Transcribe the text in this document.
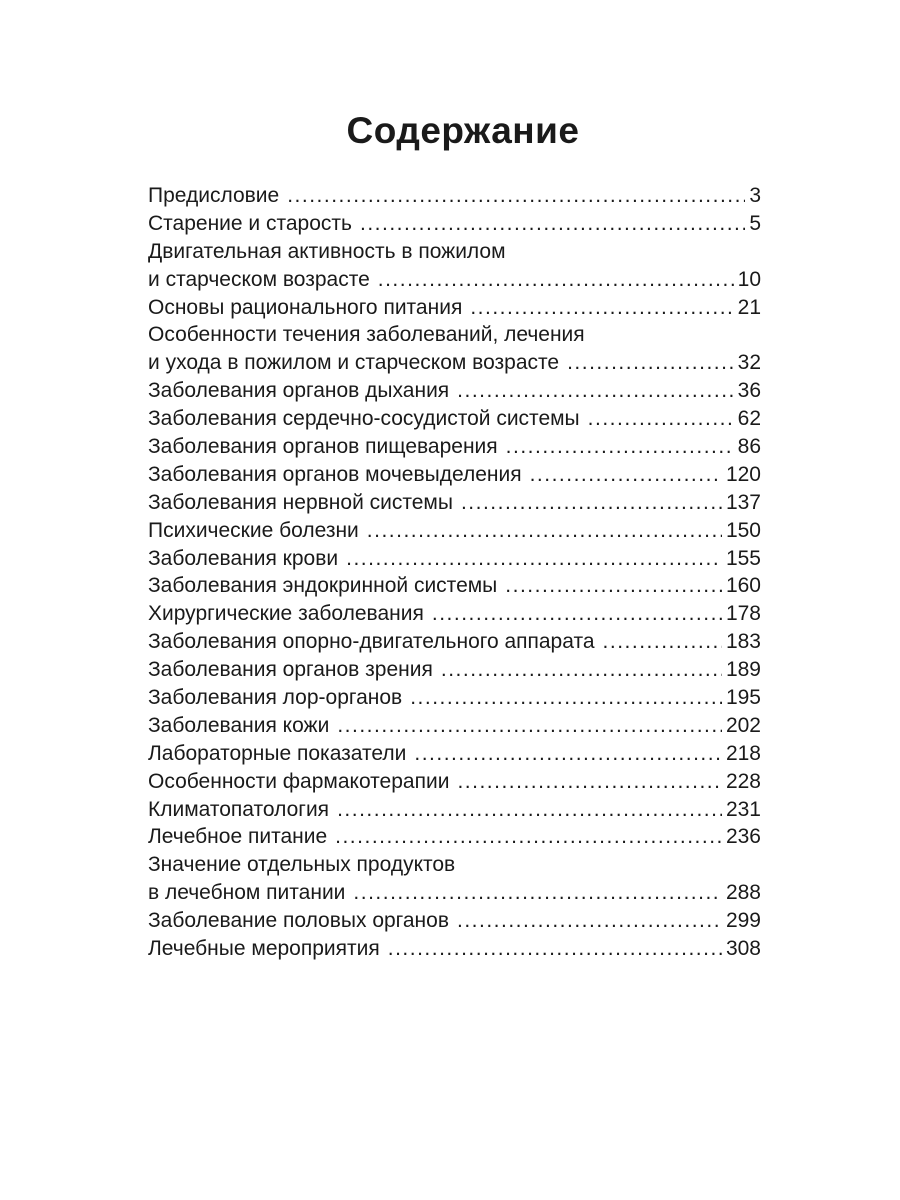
Содержание
Предисловие .....	3
Старение и старость .....	5
Двигательная активность в пожилом
и старческом возрасте .....	10
Основы рационального питания .....	21
Особенности течения заболеваний, лечения
и ухода в пожилом и старческом возрасте .....	32
Заболевания органов дыхания .....	36
Заболевания сердечно-сосудистой системы .....	62
Заболевания органов пищеварения .....	86
Заболевания органов мочевыделения .....	120
Заболевания нервной системы .....	137
Психические болезни .....	150
Заболевания крови .....	155
Заболевания эндокринной системы .....	160
Хирургические заболевания .....	178
Заболевания опорно-двигательного аппарата .....	183
Заболевания органов зрения .....	189
Заболевания лор-органов .....	195
Заболевания кожи .....	202
Лабораторные показатели .....	218
Особенности фармакотерапии .....	228
Климатопатология .....	231
Лечебное питание .....	236
Значение отдельных продуктов
в лечебном питании .....	288
Заболевание половых органов .....	299
Лечебные мероприятия .....	308
